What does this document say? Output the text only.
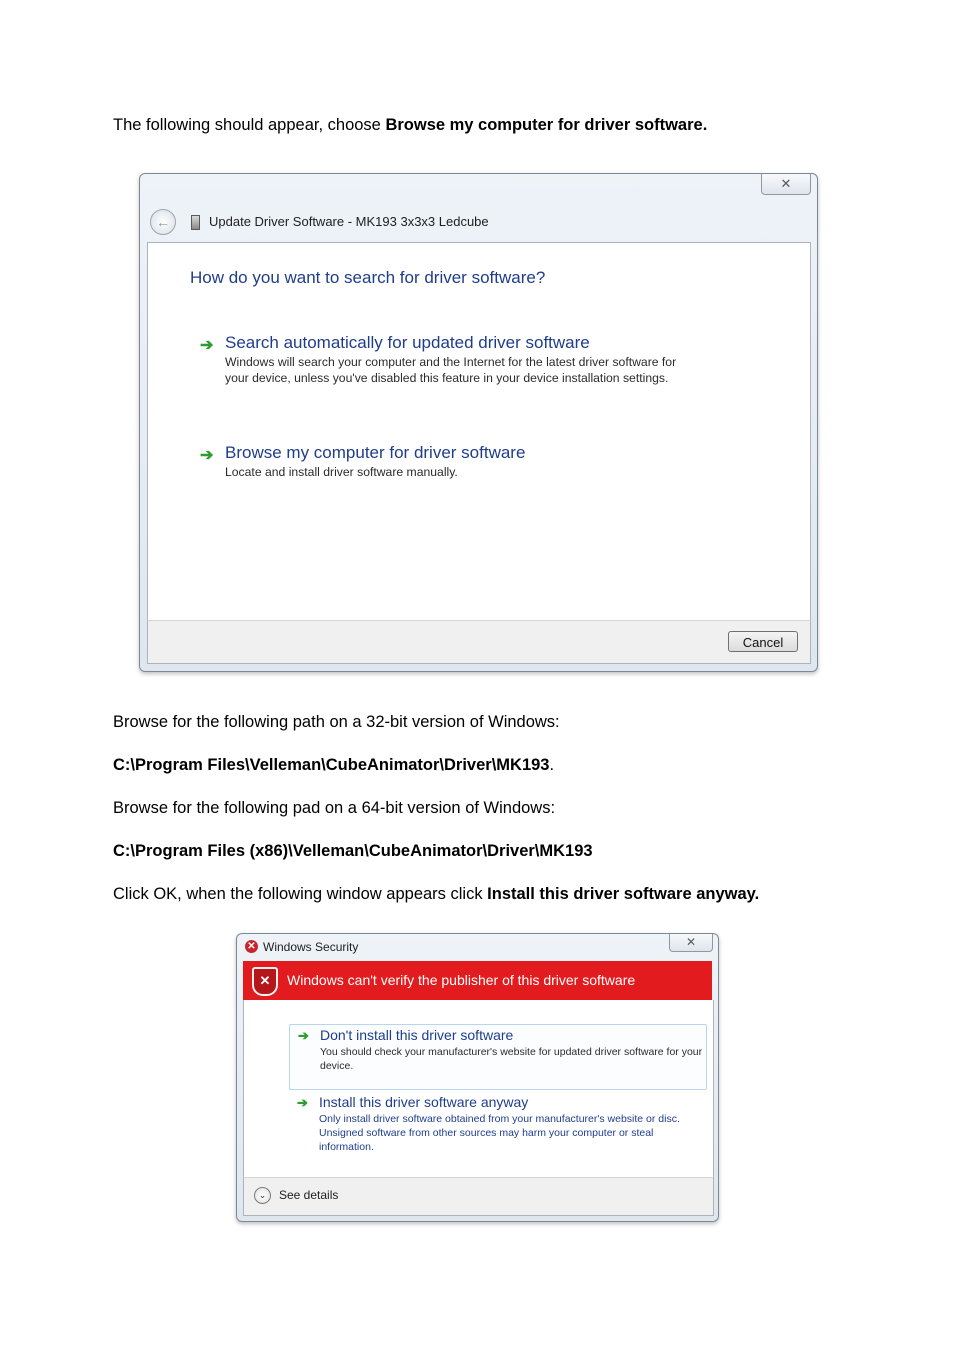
The following should appear, choose Browse my computer for driver software.
✕
←	Update Driver Software - MK193 3x3x3 Ledcube
How do you want to search for driver software?
➔ Search automatically for updated driver software
Windows will search your computer and the Internet for the latest driver software for your device, unless you've disabled this feature in your device installation settings.
➔ Browse my computer for driver software
Locate and install driver software manually.
Cancel
Browse for the following path on a 32-bit version of Windows:
C:\Program Files\Velleman\CubeAnimator\Driver\MK193.
Browse for the following pad on a 64-bit version of Windows:
C:\Program Files (x86)\Velleman\CubeAnimator\Driver\MK193
Click OK, when the following window appears click Install this driver software anyway.
✕ Windows Security	✕
✕	Windows can't verify the publisher of this driver software
➔ Don't install this driver software
You should check your manufacturer's website for updated driver software for your device.
➔ Install this driver software anyway
Only install driver software obtained from your manufacturer's website or disc. Unsigned software from other sources may harm your computer or steal information.
⌄	See details
